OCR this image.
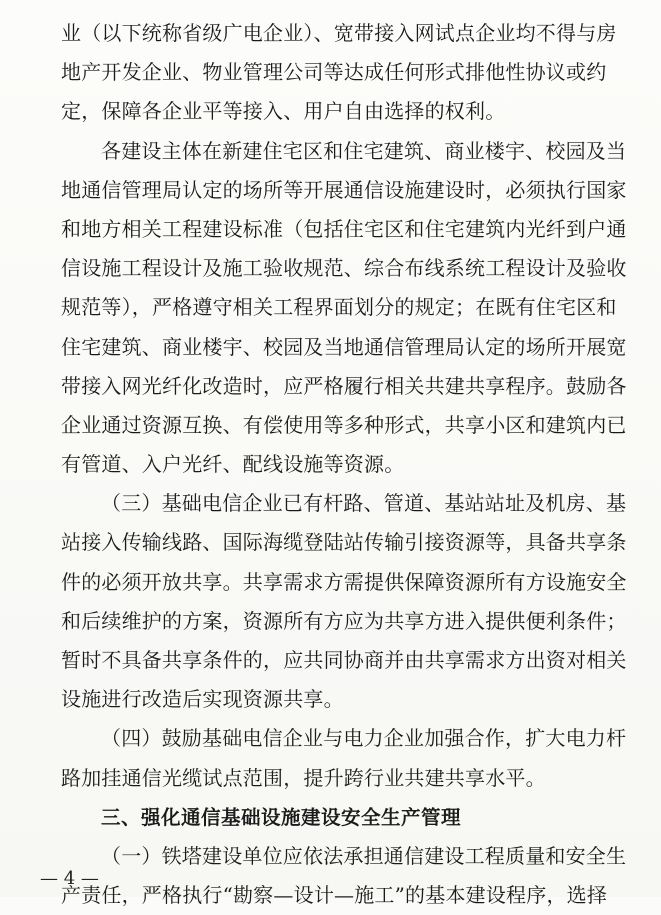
业（以下统称省级广电企业）、宽带接入网试点企业均不得与房
地产开发企业、物业管理公司等达成任何形式排他性协议或约
定，保障各企业平等接入、用户自由选择的权利。
各建设主体在新建住宅区和住宅建筑、商业楼宇、校园及当
地通信管理局认定的场所等开展通信设施建设时，必须执行国家
和地方相关工程建设标准（包括住宅区和住宅建筑内光纤到户通
信设施工程设计及施工验收规范、综合布线系统工程设计及验收
规范等），严格遵守相关工程界面划分的规定；在既有住宅区和
住宅建筑、商业楼宇、校园及当地通信管理局认定的场所开展宽
带接入网光纤化改造时，应严格履行相关共建共享程序。鼓励各
企业通过资源互换、有偿使用等多种形式，共享小区和建筑内已
有管道、入户光纤、配线设施等资源。
（三）基础电信企业已有杆路、管道、基站站址及机房、基
站接入传输线路、国际海缆登陆站传输引接资源等，具备共享条
件的必须开放共享。共享需求方需提供保障资源所有方设施安全
和后续维护的方案，资源所有方应为共享方进入提供便利条件；
暂时不具备共享条件的，应共同协商并由共享需求方出资对相关
设施进行改造后实现资源共享。
（四）鼓励基础电信企业与电力企业加强合作，扩大电力杆
路加挂通信光缆试点范围，提升跨行业共建共享水平。
三、强化通信基础设施建设安全生产管理
（一）铁塔建设单位应依法承担通信建设工程质量和安全生
产责任，严格执行“勘察—设计—施工”的基本建设程序，选择
— 4 —
